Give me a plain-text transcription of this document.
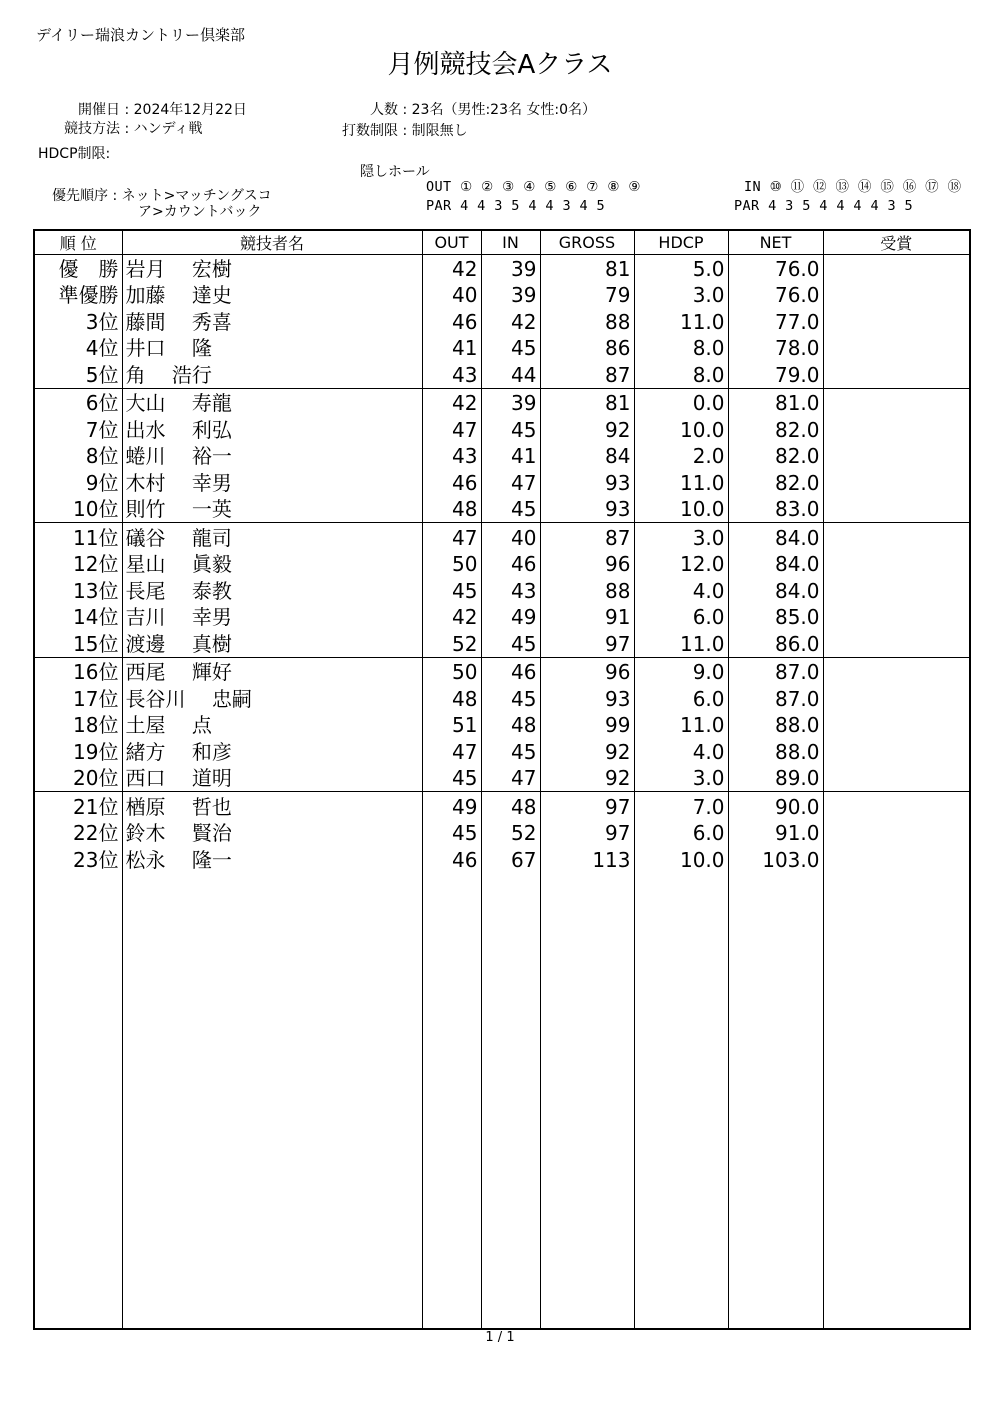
デイリー瑞浪カントリー倶楽部
月例競技会Aクラス
開催日 : 2024年12月22日
競技方法 : ハンディ戦
HDCP制限:
人数 : 23名（男性:23名 女性:0名）
打数制限 : 制限無し
隠しホール
優先順序 : ネット>マッチングスコ
ア>カウントバック
OUT ① ② ③ ④ ⑤ ⑥ ⑦ ⑧ ⑨
PAR 4 4 3 5 4 4 3 4 5
IN ⑩ ⑪ ⑫ ⑬ ⑭ ⑮ ⑯ ⑰ ⑱
PAR 4 3 5 4 4 4 4 3 5
順 位	競技者名	OUT	IN	GROSS	HDCP	NET	受賞
優　勝	岩月　 宏樹	42	39	81	5.0	76.0	
準優勝	加藤　 達史	40	39	79	3.0	76.0	
3位	藤間　 秀喜	46	42	88	11.0	77.0	
4位	井口　 隆	41	45	86	8.0	78.0	
5位	角　 浩行	43	44	87	8.0	79.0	
6位	大山　 寿龍	42	39	81	0.0	81.0	
7位	出水　 利弘	47	45	92	10.0	82.0	
8位	蜷川　 裕一	43	41	84	2.0	82.0	
9位	木村　 幸男	46	47	93	11.0	82.0	
10位	則竹　 一英	48	45	93	10.0	83.0	
11位	礒谷　 龍司	47	40	87	3.0	84.0	
12位	星山　 眞毅	50	46	96	12.0	84.0	
13位	長尾　 泰教	45	43	88	4.0	84.0	
14位	吉川　 幸男	42	49	91	6.0	85.0	
15位	渡邊　 真樹	52	45	97	11.0	86.0	
16位	西尾　 輝好	50	46	96	9.0	87.0	
17位	長谷川　 忠嗣	48	45	93	6.0	87.0	
18位	土屋　 点	51	48	99	11.0	88.0	
19位	緒方　 和彦	47	45	92	4.0	88.0	
20位	西口　 道明	45	47	92	3.0	89.0	
21位	楢原　 哲也	49	48	97	7.0	90.0	
22位	鈴木　 賢治	45	52	97	6.0	91.0	
23位	松永　 隆一	46	67	113	10.0	103.0	

1 / 1
